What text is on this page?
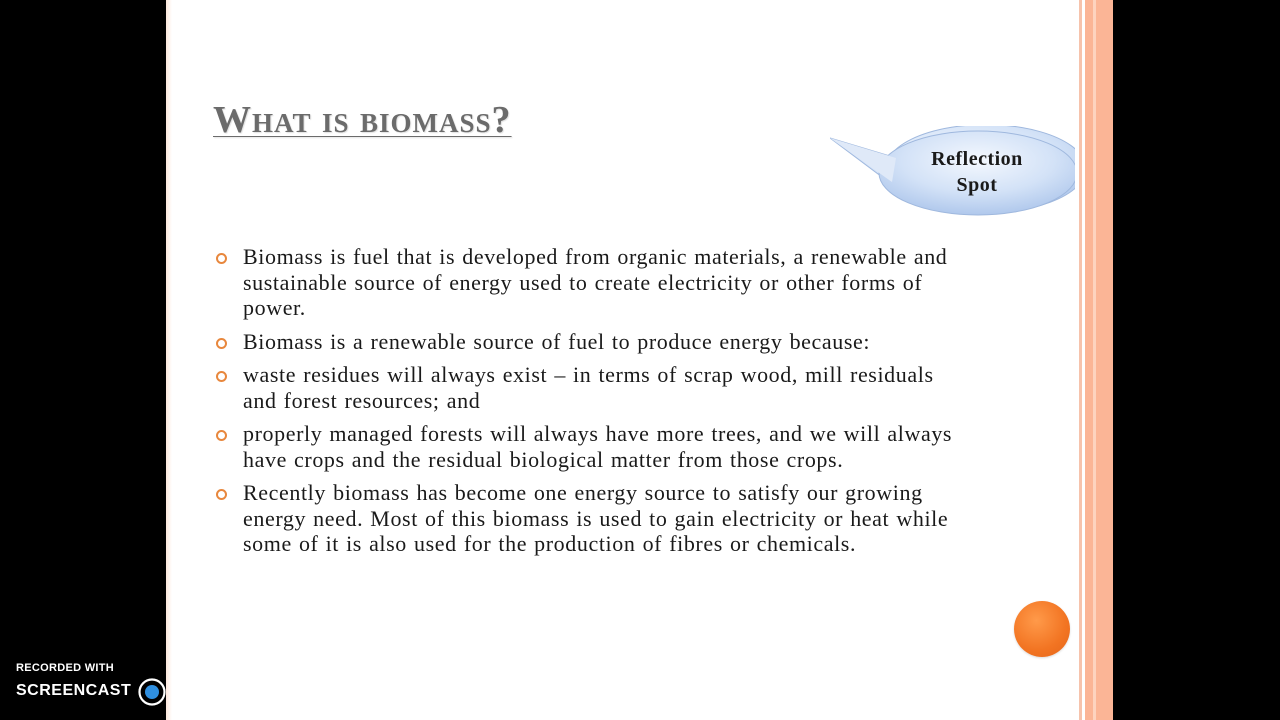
What is biomass?
Reflection
Spot
Biomass is fuel that is developed from organic materials, a renewable and sustainable source of energy used to create electricity or other forms of power.
Biomass is a renewable source of fuel to produce energy because:
waste residues will always exist – in terms of scrap wood, mill residuals and forest resources; and
properly managed forests will always have more trees, and we will always have crops and the residual biological matter from those crops.
Recently biomass has become one energy source to satisfy our growing energy need. Most of this biomass is used to gain electricity or heat while some of it is also used for the production of fibres or chemicals.
RECORDED WITH
SCREENCAST	MATIC
